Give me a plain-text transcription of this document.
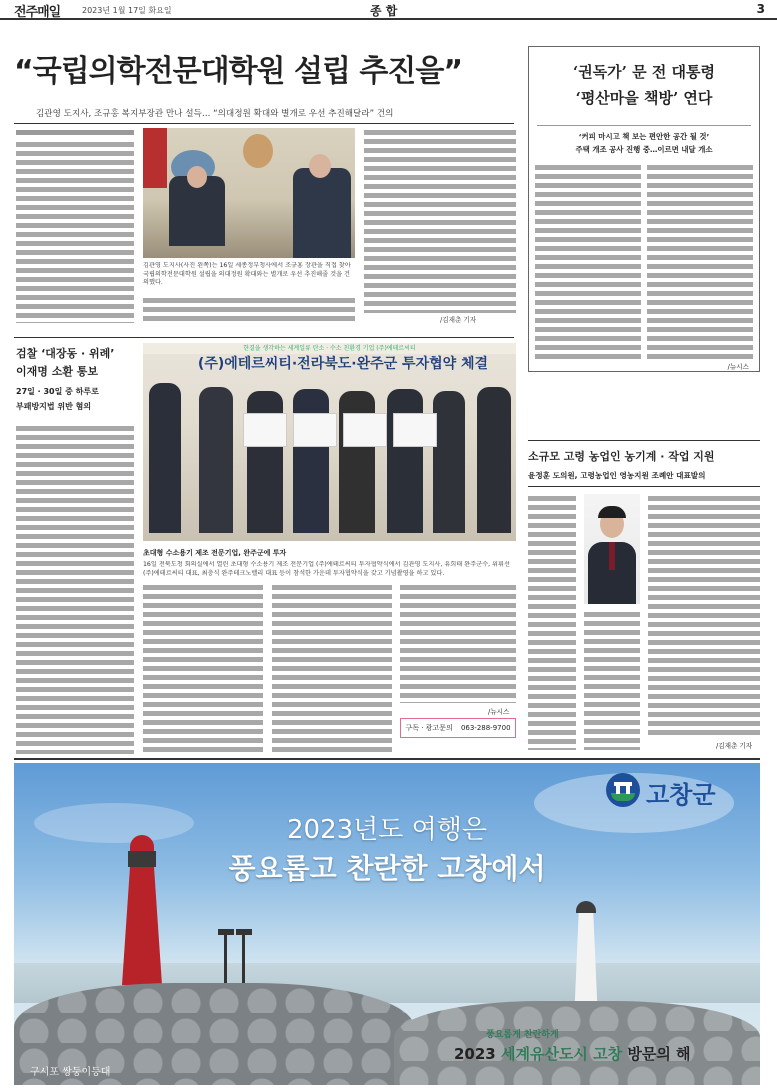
전주매일	2023년 1월 17일 화요일	종 합	3
“국립의학전문대학원 설립 추진을”
김관영 도지사, 조규홍 복지부장관 만나 설득… “의대정원 확대와 별개로 우선 추진해달라” 건의
김관영 도지사(사진 왼쪽)는 16일 세종정부청사에서 조규홍 장관을 직접 찾아 국립의학전문대학원 설립을 의대정원 확대와는 별개로 우선 추진해줄 것을 건의했다.
/김재춘 기자
‘권독가’ 문 전 대통령
‘평산마을 책방’ 연다
‘커피 마시고 책 보는 편안한 공간 될 것’
주택 개조 공사 진행 중…이르면 내달 개소
/뉴시스
검찰 ‘대장동 · 위례’
이재명 소환 통보
27일 · 30일 중 하루로
부패방지법 위반 혐의
한결을 생각하는 세계일류 탄소 · 수소 친환경 기업 (주)에테르씨티
(주)에테르씨티·전라북도·완주군 투자협약 체결
초대형 수소용기 제조 전문기업, 완주군에 투자
16일 전북도청 회의실에서 열린 초대형 수소용기 제조 전문기업 (주)에테르씨티 투자협약식에서 김관영 도지사, 유희태 완주군수, 위휘선 (주)에테르씨티 대표, 최충식 완주테크노밸리 대표 등이 참석한 가운데 투자협약식을 갖고 기념촬영을 하고 있다.
/뉴시스
구독 · 광고문의 063-288-9700
소규모 고령 농업인 농기계 · 작업 지원
윤정훈 도의원, 고령농업인 영농지원 조례안 대표발의
/김재춘 기자
고창군
2023년도 여행은
풍요롭고 찬란한 고창에서
풍요롭게 찬란하게
2023 세계유산도시 고창 방문의 해
구시포 쌍둥이등대
